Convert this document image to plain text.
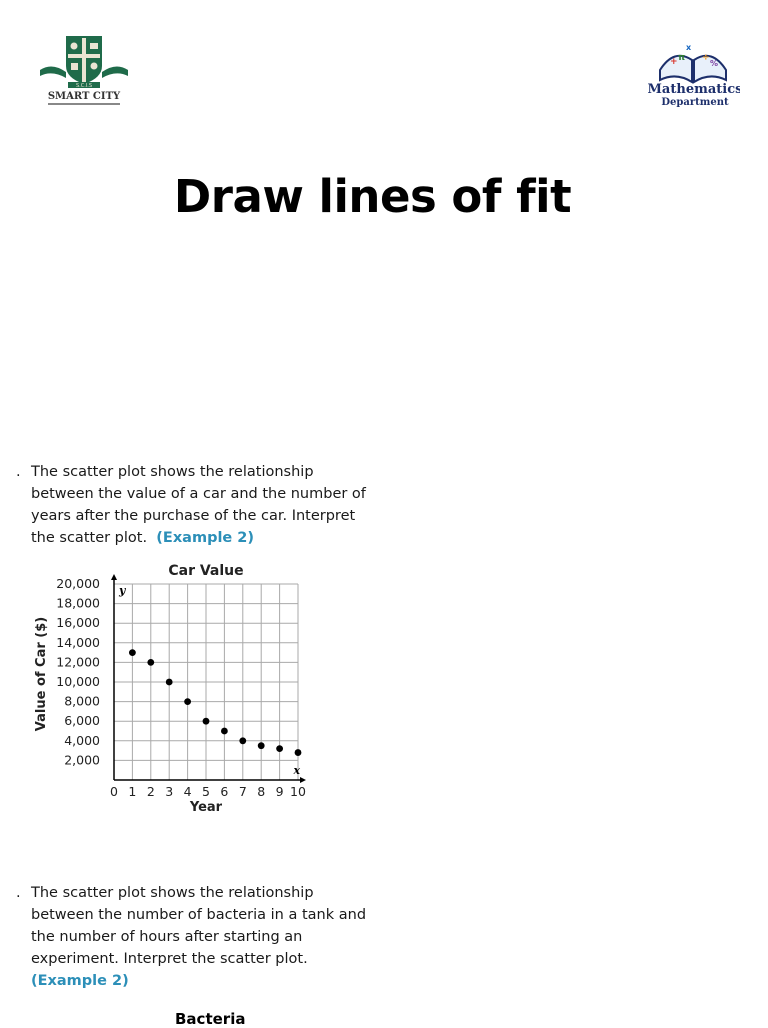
S.C.I.S
SMART CITY
+ π ÷
%
x
Mathematics
Department
Draw lines of fit
. The scatter plot shows the relationship
between the value of a car and the number of
years after the purchase of the car. Interpret
the scatter plot. (Example 2)
Car Value
x
y
0 1 2 3 4 5 6 7 8 9 10
2,000
4,000
6,000
8,000
10,000
12,000
14,000
16,000
18,000
20,000
Year
Value of Car ($)
. The scatter plot shows the relationship
between the number of bacteria in a tank and
the number of hours after starting an
experiment. Interpret the scatter plot.
(Example 2)
Bacteria
